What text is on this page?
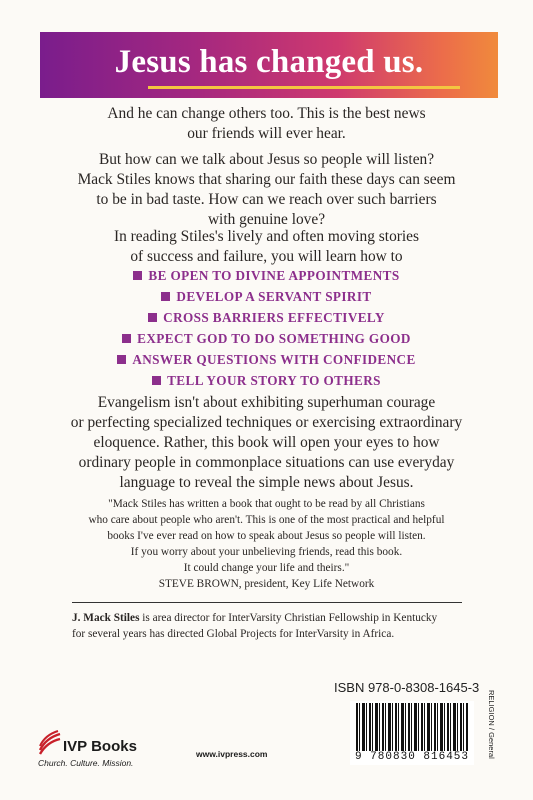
Jesus has changed us.
And he can change others too. This is the best news
our friends will ever hear.
But how can we talk about Jesus so people will listen?
Mack Stiles knows that sharing our faith these days can seem
to be in bad taste. How can we reach over such barriers
with genuine love?
In reading Stiles's lively and often moving stories
of success and failure, you will learn how to
BE OPEN TO DIVINE APPOINTMENTS
DEVELOP A SERVANT SPIRIT
CROSS BARRIERS EFFECTIVELY
EXPECT GOD TO DO SOMETHING GOOD
ANSWER QUESTIONS WITH CONFIDENCE
TELL YOUR STORY TO OTHERS
Evangelism isn't about exhibiting superhuman courage
or perfecting specialized techniques or exercising extraordinary
eloquence. Rather, this book will open your eyes to how
ordinary people in commonplace situations can use everyday
language to reveal the simple news about Jesus.
"Mack Stiles has written a book that ought to be read by all Christians
who care about people who aren't. This is one of the most practical and helpful
books I've ever read on how to speak about Jesus so people will listen.
If you worry about your unbelieving friends, read this book.
It could change your life and theirs."
STEVE BROWN, president, Key Life Network
J. Mack Stiles is area director for InterVarsity Christian Fellowship in Kentucky
for several years has directed Global Projects for InterVarsity in Africa.
ISBN 978-0-8308-1645-3
9 780830 816453	RELIGION / General
IVP Books
Church. Culture. Mission.
www.ivpress.com
